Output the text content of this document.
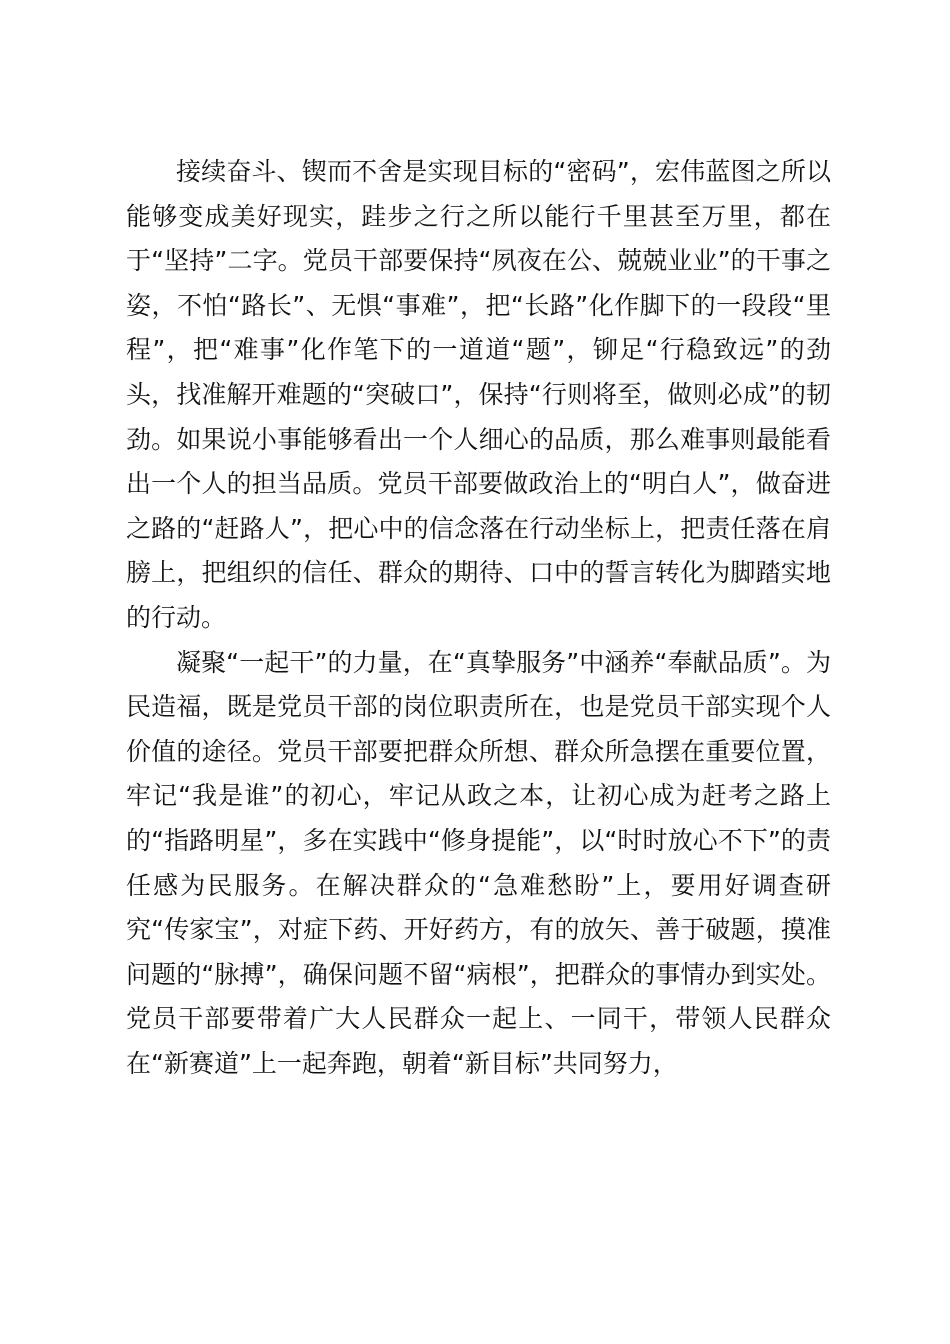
接续奋斗、锲而不舍是实现目标的“密码”，宏伟蓝图之所以能够变成美好现实，跬步之行之所以能行千里甚至万里，都在于“坚持”二字。党员干部要保持“夙夜在公、兢兢业业”的干事之姿，不怕“路长”、无惧“事难”，把“长路”化作脚下的一段段“里程”，把“难事”化作笔下的一道道“题”，铆足“行稳致远”的劲头，找准解开难题的“突破口”，保持“行则将至，做则必成”的韧劲。如果说小事能够看出一个人细心的品质，那么难事则最能看出一个人的担当品质。党员干部要做政治上的“明白人”，做奋进之路的“赶路人”，把心中的信念落在行动坐标上，把责任落在肩膀上，把组织的信任、群众的期待、口中的誓言转化为脚踏实地的行动。

凝聚“一起干”的力量，在“真挚服务”中涵养“奉献品质”。为民造福，既是党员干部的岗位职责所在，也是党员干部实现个人价值的途径。党员干部要把群众所想、群众所急摆在重要位置，牢记“我是谁”的初心，牢记从政之本，让初心成为赶考之路上的“指路明星”，多在实践中“修身提能”，以“时时放心不下”的责任感为民服务。在解决群众的“急难愁盼”上，要用好调查研究“传家宝”，对症下药、开好药方，有的放矢、善于破题，摸准问题的“脉搏”，确保问题不留“病根”，把群众的事情办到实处。党员干部要带着广大人民群众一起上、一同干，带领人民群众在“新赛道”上一起奔跑，朝着“新目标”共同努力，
